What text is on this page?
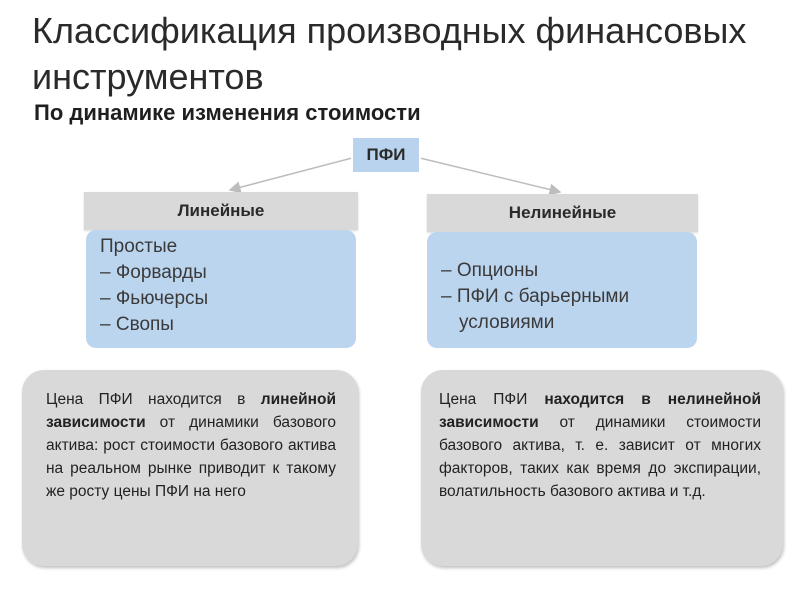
Классификация производных финансовых инструментов
По динамике изменения стоимости
ПФИ
Линейные	Нелинейные
Простые
– Форварды
– Фьючерсы
– Свопы
– Опционы
– ПФИ с барьерными
условиями
Цена ПФИ находится в линейной зависимости от динамики базового актива: рост стоимости базового актива на реальном рынке приводит к такому же росту цены ПФИ на него
Цена ПФИ находится в нелинейной зависимости от динамики стоимости базового актива, т. е. зависит от многих факторов, таких как время до экспирации, волатильность базового актива и т.д.
